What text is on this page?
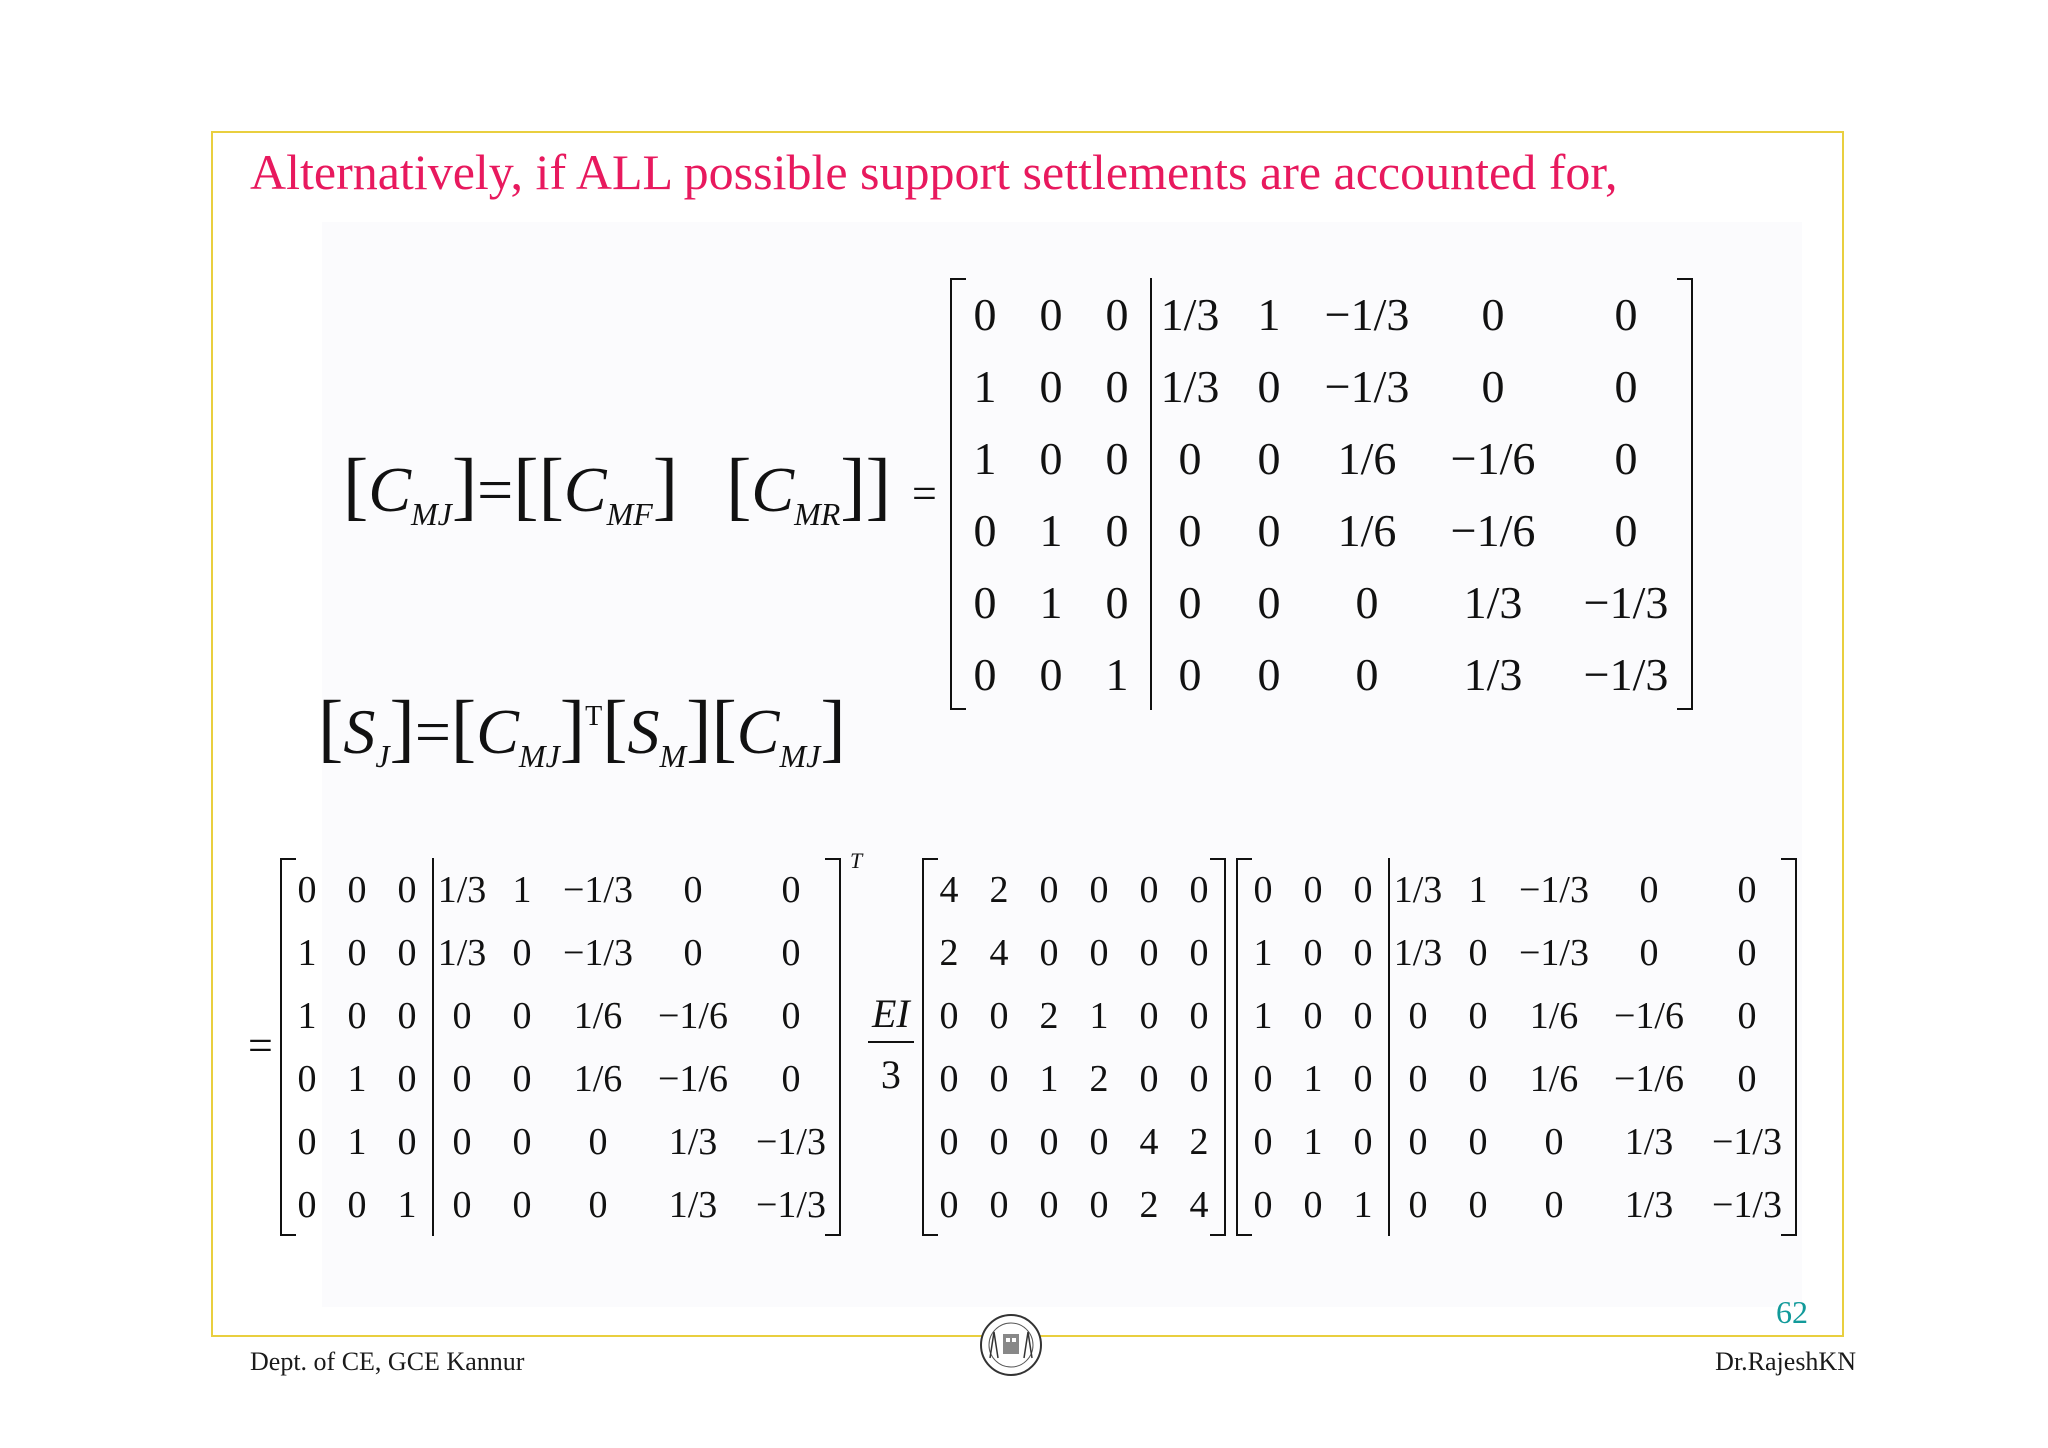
Alternatively, if ALL possible support settlements are accounted for,
$[C_{MJ}]=[[C_{MF}] [C_{MR}]]$ =
0	0	0	1/3	1	−1/3	0	0
1	0	0	1/3	0	−1/3	0	0
1	0	0	0	0	1/6	−1/6	0
0	1	0	0	0	1/6	−1/6	0
0	1	0	0	0	0	1/3	−1/3
0	0	1	0	0	0	1/3	−1/3
$[S_J]=[C_{MJ}]^T[S_M][C_{MJ}]$
=
0	0	0	1/3	1	−1/3	0	0
1	0	0	1/3	0	−1/3	0	0
1	0	0	0	0	1/6	−1/6	0
0	1	0	0	0	1/6	−1/6	0
0	1	0	0	0	0	1/3	−1/3
0	0	1	0	0	0	1/3	−1/3
T
$\frac{EI}{3}$
4	2	0	0	0	0
2	4	0	0	0	0
0	0	2	1	0	0
0	0	1	2	0	0
0	0	0	0	4	2
0	0	0	0	2	4
0	0	0	1/3	1	−1/3	0	0
1	0	0	1/3	0	−1/3	0	0
1	0	0	0	0	1/6	−1/6	0
0	1	0	0	0	1/6	−1/6	0
0	1	0	0	0	0	1/3	−1/3
0	0	1	0	0	0	1/3	−1/3
62
Dept. of CE, GCE Kannur	Dr.RajeshKN
